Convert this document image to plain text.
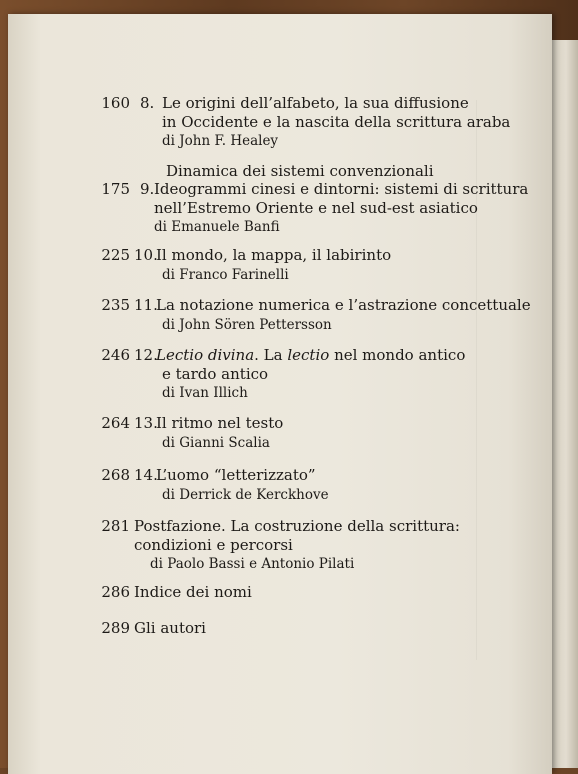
Dinamica dei sistemi convenzionali
160 8. Le origini dell’alfabeto, la sua diffusione
in Occidente e la nascita della scrittura araba
di John F. Healey
175 9. Ideogrammi cinesi e dintorni: sistemi di scrittura
nell’Estremo Oriente e nel sud-est asiatico
di Emanuele Banfi
225 10.
Il mondo, la mappa, il labirinto
di Franco Farinelli
235 11.
La notazione numerica e l’astrazione concettuale
di John Sören Pettersson
246 12.
Lectio divina. La lectio nel mondo antico
e tardo antico
di Ivan Illich
264 13.
Il ritmo nel testo
di Gianni Scalia
268 14.
L’uomo “letterizzato”
di Derrick de Kerckhove
281 Postfazione. La costruzione della scrittura:
condizioni e percorsi
di Paolo Bassi e Antonio Pilati
286 Indice dei nomi
289 Gli autori
